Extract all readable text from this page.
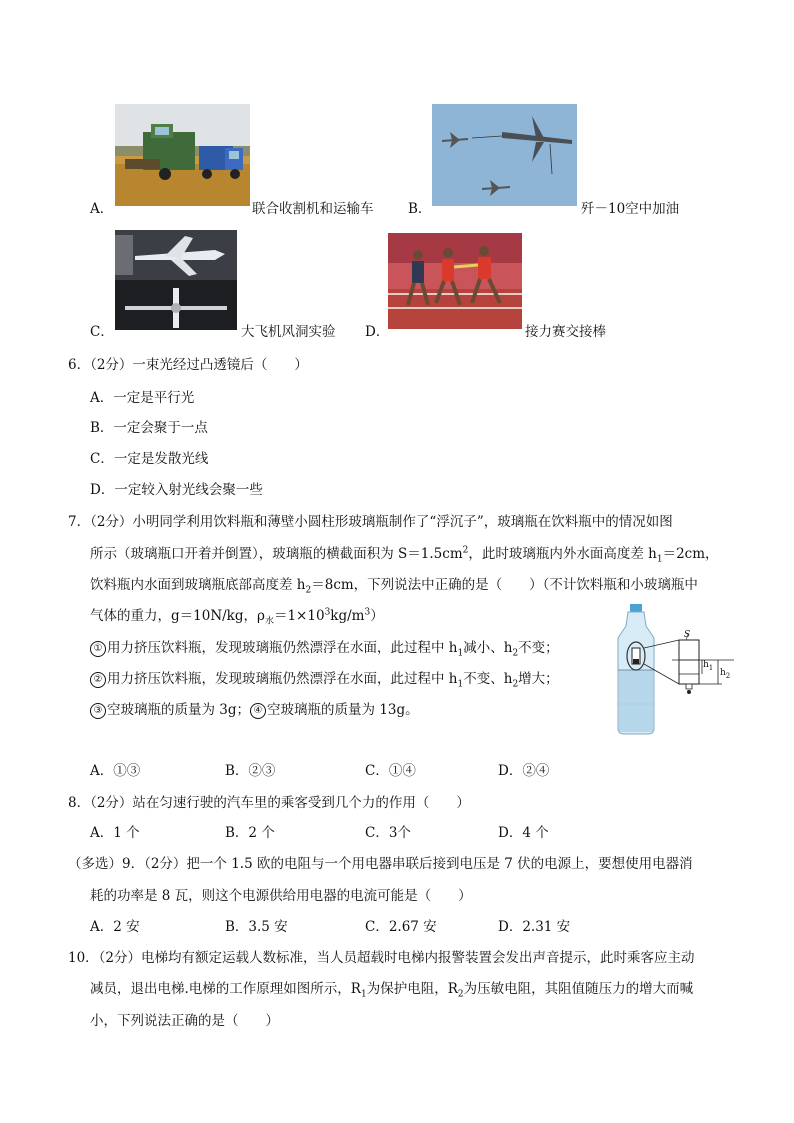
A．	联合收割机和运输车	B．	歼－10空中加油
C．	大飞机风洞实验 D．	接力赛交接棒
6．（2分）一束光经过凸透镜后（　　）
A．一定是平行光
B．一定会聚于一点
C．一定是发散光线
D．一定较入射光线会聚一些
7．（2分）小明同学利用饮料瓶和薄壁小圆柱形玻璃瓶制作了“浮沉子”，玻璃瓶在饮料瓶中的情况如图
所示（玻璃瓶口开着并倒置），玻璃瓶的横截面积为 $S=1.5cm^2$，此时玻璃瓶内外水面高度差 $h_1=2cm$，
饮料瓶内水面到玻璃瓶底部高度差 $h_2=8cm$，下列说法中正确的是（　　）（不计饮料瓶和小玻璃瓶中
气体的重力，g＝10N/kg，$\rho_水=1\times 10^3kg/m^3$）
① 用力挤压饮料瓶，发现玻璃瓶仍然漂浮在水面，此过程中 $h_1$减小、$h_2$不变；
② 用力挤压饮料瓶，发现玻璃瓶仍然漂浮在水面，此过程中 $h_1$不变、$h_2$增大；
③ 空玻璃瓶的质量为 3g； ④ 空玻璃瓶的质量为 13g。
S
$h_1$
$h_2$
A．①③	B．②③	C．①④	D．②④
8．（2分）站在匀速行驶的汽车里的乘客受到几个力的作用（　　）
A．1 个	B．2 个	C．3个	D．4 个
（多选）9．（2分）把一个 1.5 欧的电阻与一个用电器串联后接到电压是 7 伏的电源上，要想使用电器消
耗的功率是 8 瓦，则这个电源供给用电器的电流可能是（　　）
A．2 安	B．3.5 安	C．2.67 安	D．2.31 安
10．（2分）电梯均有额定运载人数标准，当人员超载时电梯内报警装置会发出声音提示，此时乘客应主动
减员，退出电梯.电梯的工作原理如图所示，$R_1$为保护电阻，$R_2$为压敏电阻，其阻值随压力的增大而喊
小，下列说法正确的是（　　）
